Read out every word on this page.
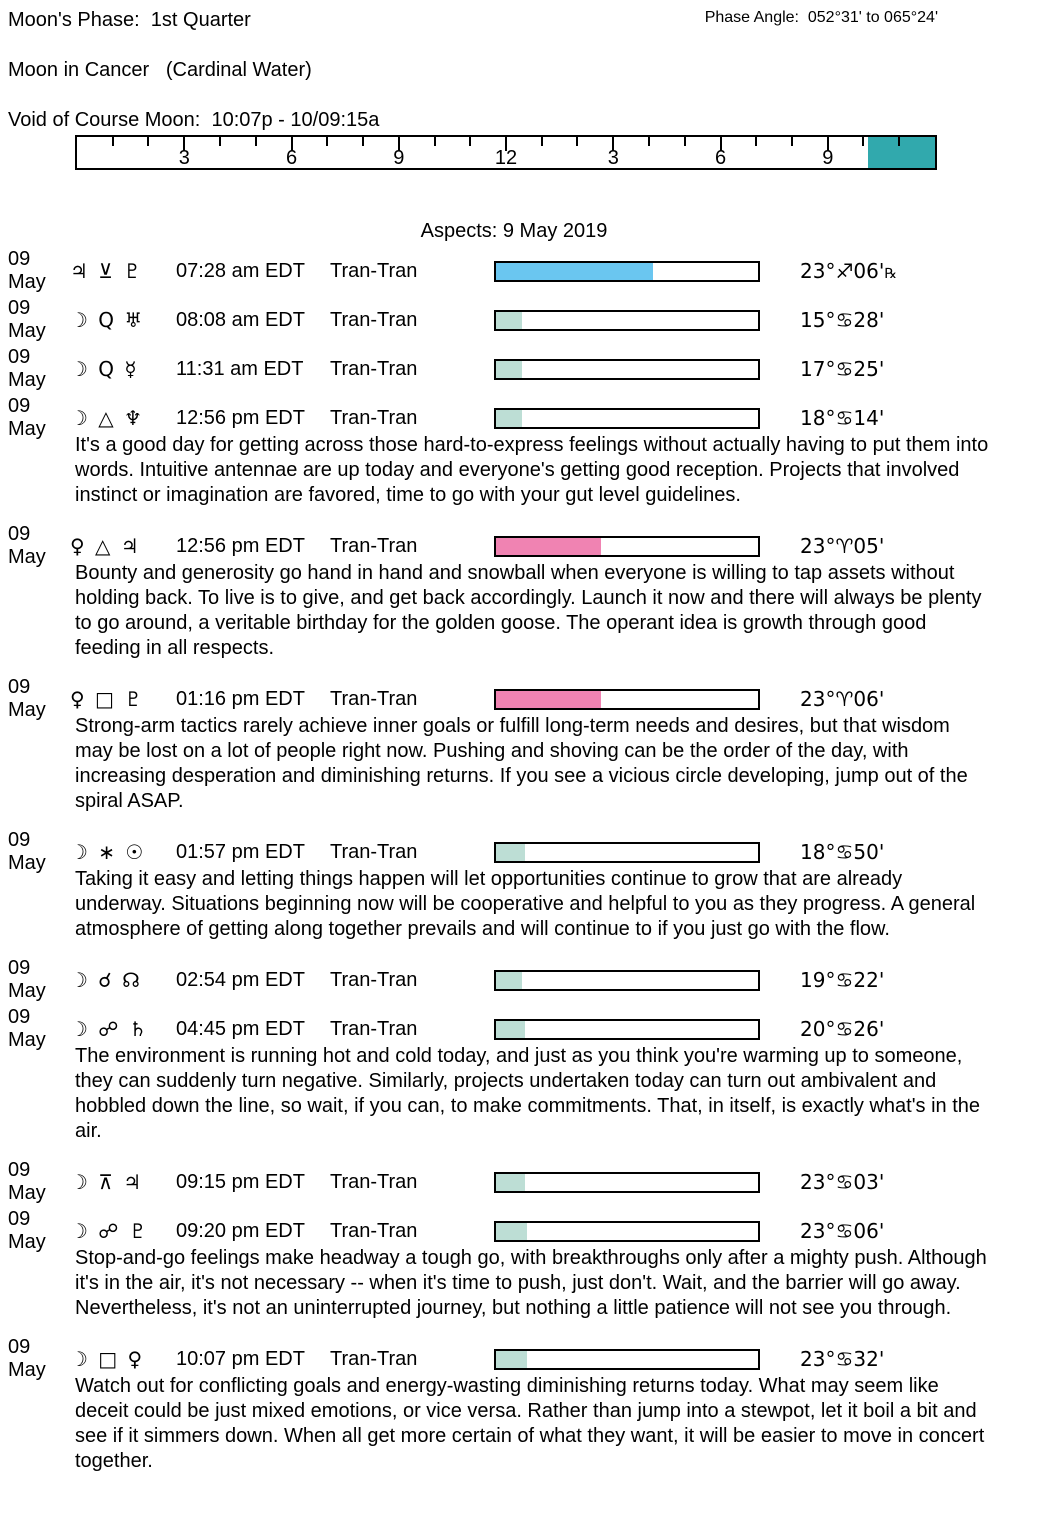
Moon's Phase:  1st Quarter	Phase Angle:  052°31' to 065°24'
Moon in Cancer   (Cardinal Water)
Void of Course Moon:  10:07p - 10/09:15a
3	6	9	12	3	6	9
Aspects: 9 May 2019
09 May	♃ ⊻ ♇	07:28 am EDT	Tran-Tran	23°♐06'℞
09 May	☽ Q ♅	08:08 am EDT	Tran-Tran	15°♋28'
09 May	☽ Q ☿	11:31 am EDT	Tran-Tran	17°♋25'
09 May	☽ △ ♆	12:56 pm EDT	Tran-Tran	18°♋14'
It's a good day for getting across those hard-to-express feelings without actually having to put them into words. Intuitive antennae are up today and everyone's getting good reception. Projects that involved instinct or imagination are favored, time to go with your gut level guidelines.
09 May	♀ △ ♃	12:56 pm EDT	Tran-Tran	23°♈05'
Bounty and generosity go hand in hand and snowball when everyone is willing to tap assets without holding back. To live is to give, and get back accordingly. Launch it now and there will always be plenty to go around, a veritable birthday for the golden goose. The operant idea is growth through good feeding in all respects.
09 May	♀ □ ♇	01:16 pm EDT	Tran-Tran	23°♈06'
Strong-arm tactics rarely achieve inner goals or fulfill long-term needs and desires, but that wisdom may be lost on a lot of people right now. Pushing and shoving can be the order of the day, with increasing desperation and diminishing returns. If you see a vicious circle developing, jump out of the spiral ASAP.
09 May	☽ ∗ ☉	01:57 pm EDT	Tran-Tran	18°♋50'
Taking it easy and letting things happen will let opportunities continue to grow that are already underway. Situations beginning now will be cooperative and helpful to you as they progress. A general atmosphere of getting along together prevails and will continue to if you just go with the flow.
09 May	☽ ☌ ☊	02:54 pm EDT	Tran-Tran	19°♋22'
09 May	☽ ☍ ♄	04:45 pm EDT	Tran-Tran	20°♋26'
The environment is running hot and cold today, and just as you think you're warming up to someone, they can suddenly turn negative. Similarly, projects undertaken today can turn out ambivalent and hobbled down the line, so wait, if you can, to make commitments. That, in itself, is exactly what's in the air.
09 May	☽ ⊼ ♃	09:15 pm EDT	Tran-Tran	23°♋03'
09 May	☽ ☍ ♇	09:20 pm EDT	Tran-Tran	23°♋06'
Stop-and-go feelings make headway a tough go, with breakthroughs only after a mighty push. Although it's in the air, it's not necessary -- when it's time to push, just don't. Wait, and the barrier will go away. Nevertheless, it's not an uninterrupted journey, but nothing a little patience will not see you through.
09 May	☽ □ ♀	10:07 pm EDT	Tran-Tran	23°♋32'
Watch out for conflicting goals and energy-wasting diminishing returns today. What may seem like deceit could be just mixed emotions, or vice versa. Rather than jump into a stewpot, let it boil a bit and see if it simmers down. When all get more certain of what they want, it will be easier to move in concert together.
